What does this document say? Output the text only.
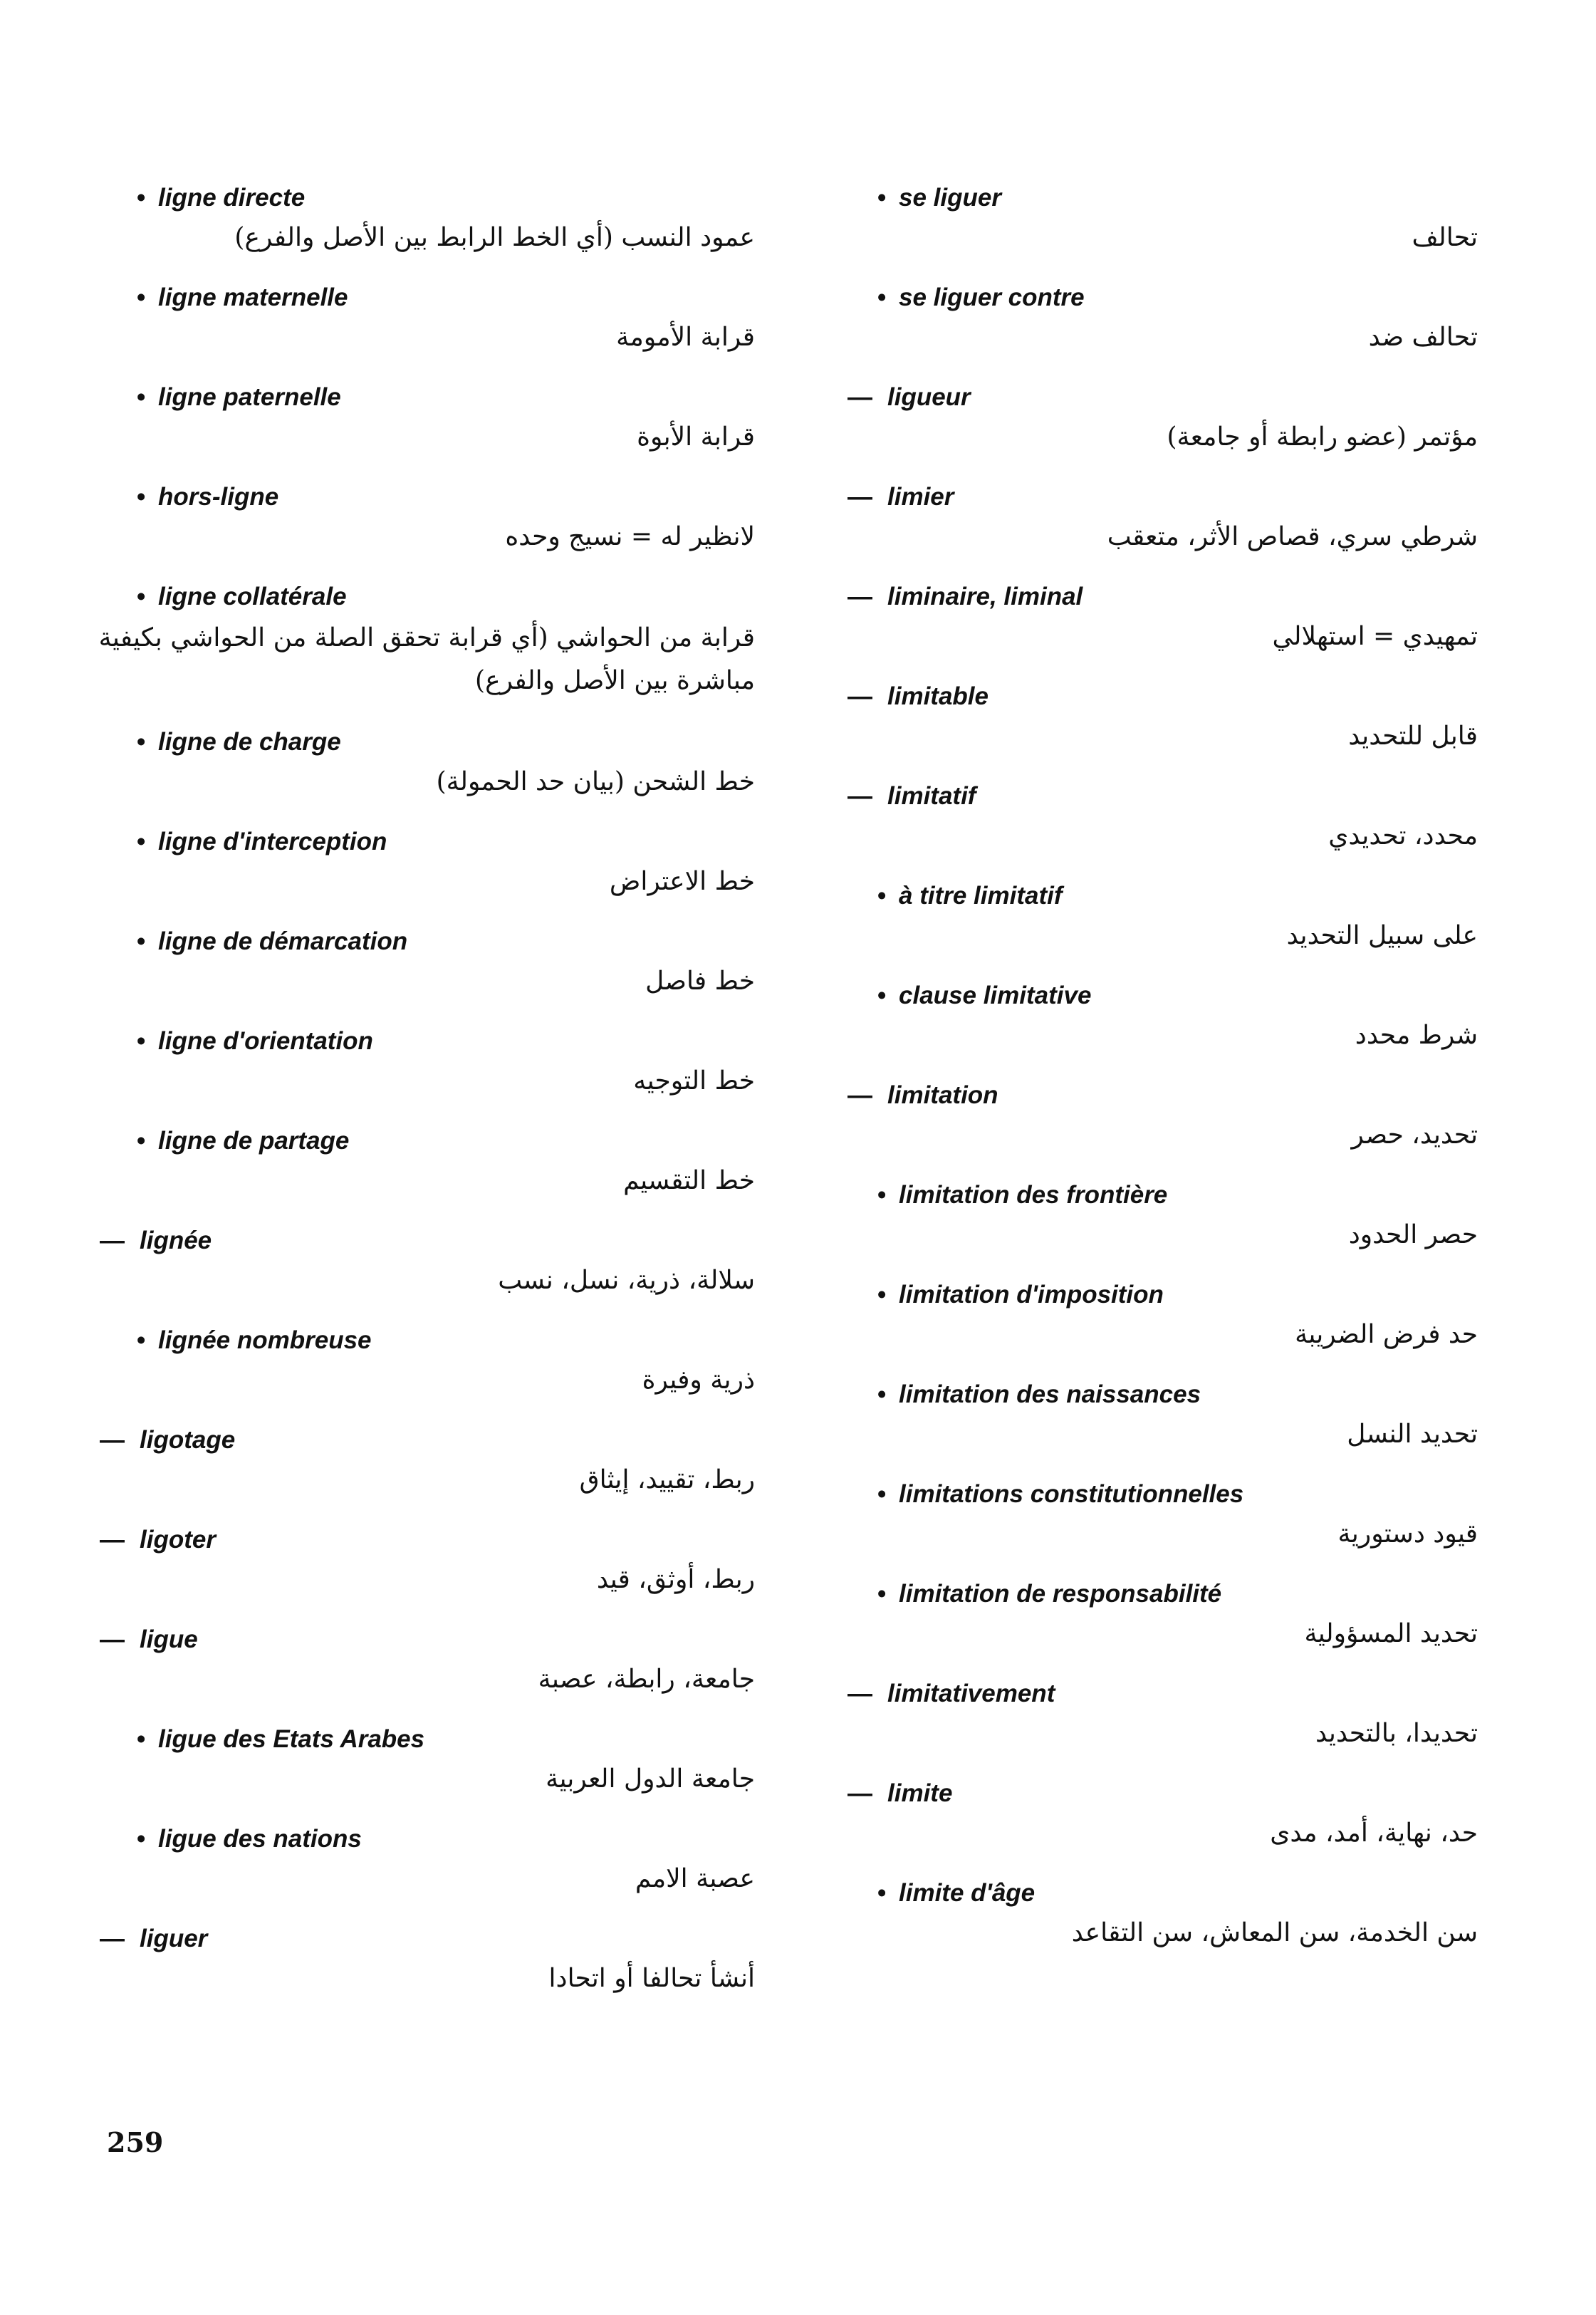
• ligne directe
عمود النسب (أي الخط الرابط بين الأصل والفرع)
• ligne maternelle
قرابة الأمومة
• ligne paternelle
قرابة الأبوة
• hors-ligne
لانظير له = نسيج وحده
• ligne collatérale
قرابة من الحواشي (أي قرابة تحقق الصلة من الحواشي بكيفية مباشرة بين الأصل والفرع)
• ligne de charge
خط الشحن (بيان حد الحمولة)
• ligne d'interception
خط الاعتراض
• ligne de démarcation
خط فاصل
• ligne d'orientation
خط التوجيه
• ligne de partage
خط التقسيم
— lignée
سلالة، ذرية، نسل، نسب
• lignée nombreuse
ذرية وفيرة
— ligotage
ربط، تقييد، إيثاق
— ligoter
ربط، أوثق، قيد
— ligue
جامعة، رابطة، عصبة
• ligue des Etats Arabes
جامعة الدول العربية
• ligue des nations
عصبة الامم
— liguer
أنشأ تحالفا أو اتحادا
• se liguer
تحالف
• se liguer contre
تحالف ضد
— ligueur
مؤتمر (عضو رابطة أو جامعة)
— limier
شرطي سري، قصاص الأثر، متعقب
— liminaire, liminal
تمهيدي = استهلالي
— limitable
قابل للتحديد
— limitatif
محدد، تحديدي
• à titre limitatif
على سبيل التحديد
• clause limitative
شرط محدد
— limitation
تحديد، حصر
• limitation des frontière
حصر الحدود
• limitation d'imposition
حد فرض الضريبة
• limitation des naissances
تحديد النسل
• limitations constitutionnelles
قيود دستورية
• limitation de responsabilité
تحديد المسؤولية
— limitativement
تحديدا، بالتحديد
— limite
حد، نهاية، أمد، مدى
• limite d'âge
سن الخدمة، سن المعاش، سن التقاعد
259
